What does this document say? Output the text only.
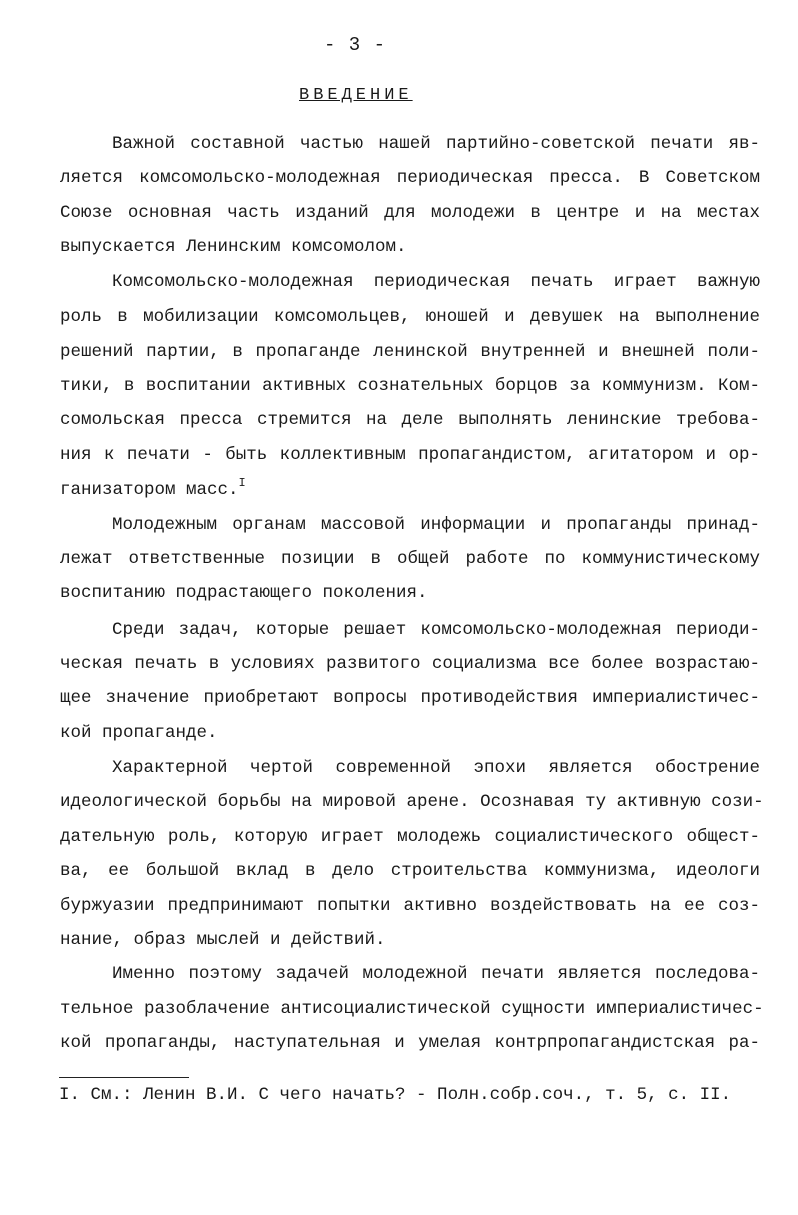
- 3 -
ВВЕДЕНИЕ
Важной составной частью нашей партийно-советской печати яв-
ляется комсомольско-молодежная периодическая пресса. В Советском
Союзе основная часть изданий для молодежи в центре и на местах
выпускается Ленинским комсомолом.
Комсомольско-молодежная периодическая печать играет важную
роль в мобилизации комсомольцев, юношей и девушек на выполнение
решений партии, в пропаганде ленинской внутренней и внешней поли-
тики, в воспитании активных сознательных борцов за коммунизм. Ком-
сомольская пресса стремится на деле выполнять ленинские требова-
ния к печати - быть коллективным пропагандистом, агитатором и ор-
ганизатором масс.$^I$
Молодежным органам массовой информации и пропаганды принад-
лежат ответственные позиции в общей работе по коммунистическому
воспитанию подрастающего поколения.
Среди задач, которые решает комсомольско-молодежная периоди-
ческая печать в условиях развитого социализма все более возрастаю-
щее значение приобретают вопросы противодействия империалистичес-
кой пропаганде.
Характерной чертой современной эпохи является обострение
идеологической борьбы на мировой арене. Осознавая ту активную сози-
дательную роль, которую играет молодежь социалистического общест-
ва, ее большой вклад в дело строительства коммунизма, идеологи
буржуазии предпринимают попытки активно воздействовать на ее соз-
нание, образ мыслей и действий.
Именно поэтому задачей молодежной печати является последова-
тельное разоблачение антисоциалистической сущности империалистичес-
кой пропаганды, наступательная и умелая контрпропагандистская ра-
I. См.: Ленин В.И. С чего начать? - Полн.собр.соч., т. 5, с. II.
